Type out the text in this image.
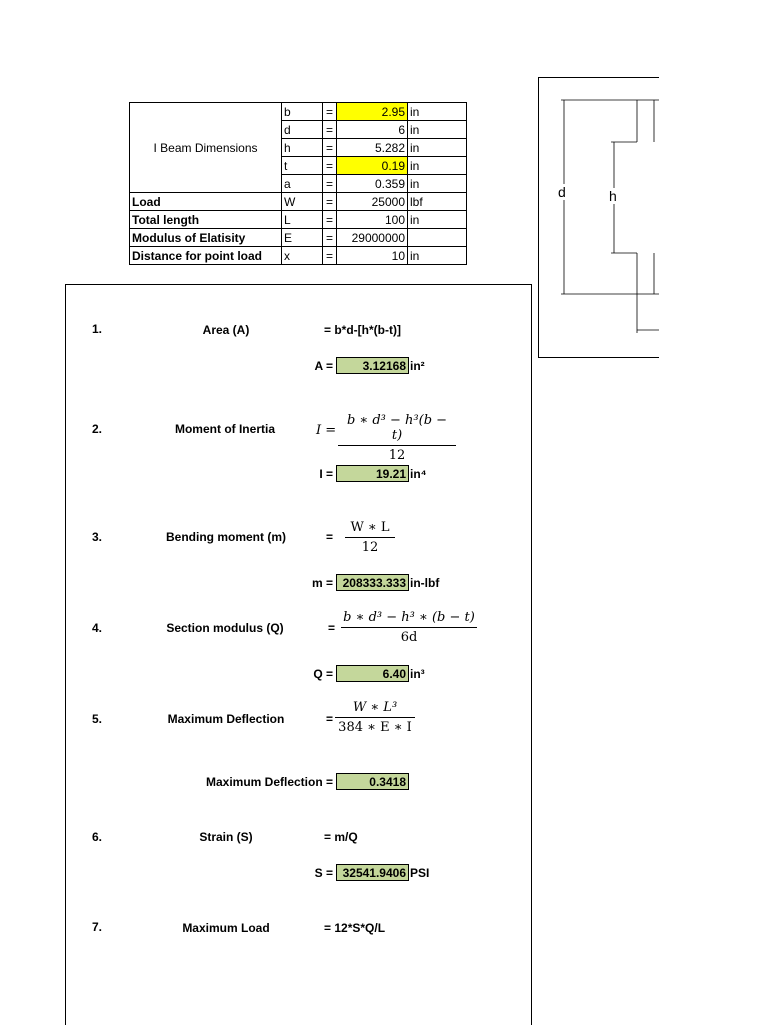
I Beam Dimensions	b	=	2.95	in
	d	=	6	in
	h	=	5.282	in
	t	=	0.19	in
	a	=	0.359	in
Load	W	=	25000	lbf
Total length	L	=	100	in
Modulus of Elatisity	E	=	29000000	
Distance for point load	x	=	10	in
d	h
1.	Area (A)	= b*d-[h*(b-t)]
A =	3.12168 in²
2.	Moment of Inertia	$I = \frac{\text{b ∗ d³ − h³(b − t)}}{12}$
I =	19.21 in⁴
3.	Bending moment (m)	= $\frac{W ∗ L}{12}$
m = 208333.333 in-lbf
4.	Section modulus (Q)	= $\frac{\text{b ∗ d³ − h³ ∗ (b − t)}}{6d}$
Q =	6.40 in³
5.	Maximum Deflection	= $\frac{\text{W ∗ L³}}{384 ∗ E ∗ I}$
Maximum Deflection =	0.3418
6.	Strain (S)	= m/Q
S = 32541.9406 PSI
7.	Maximum Load	= 12*S*Q/L
